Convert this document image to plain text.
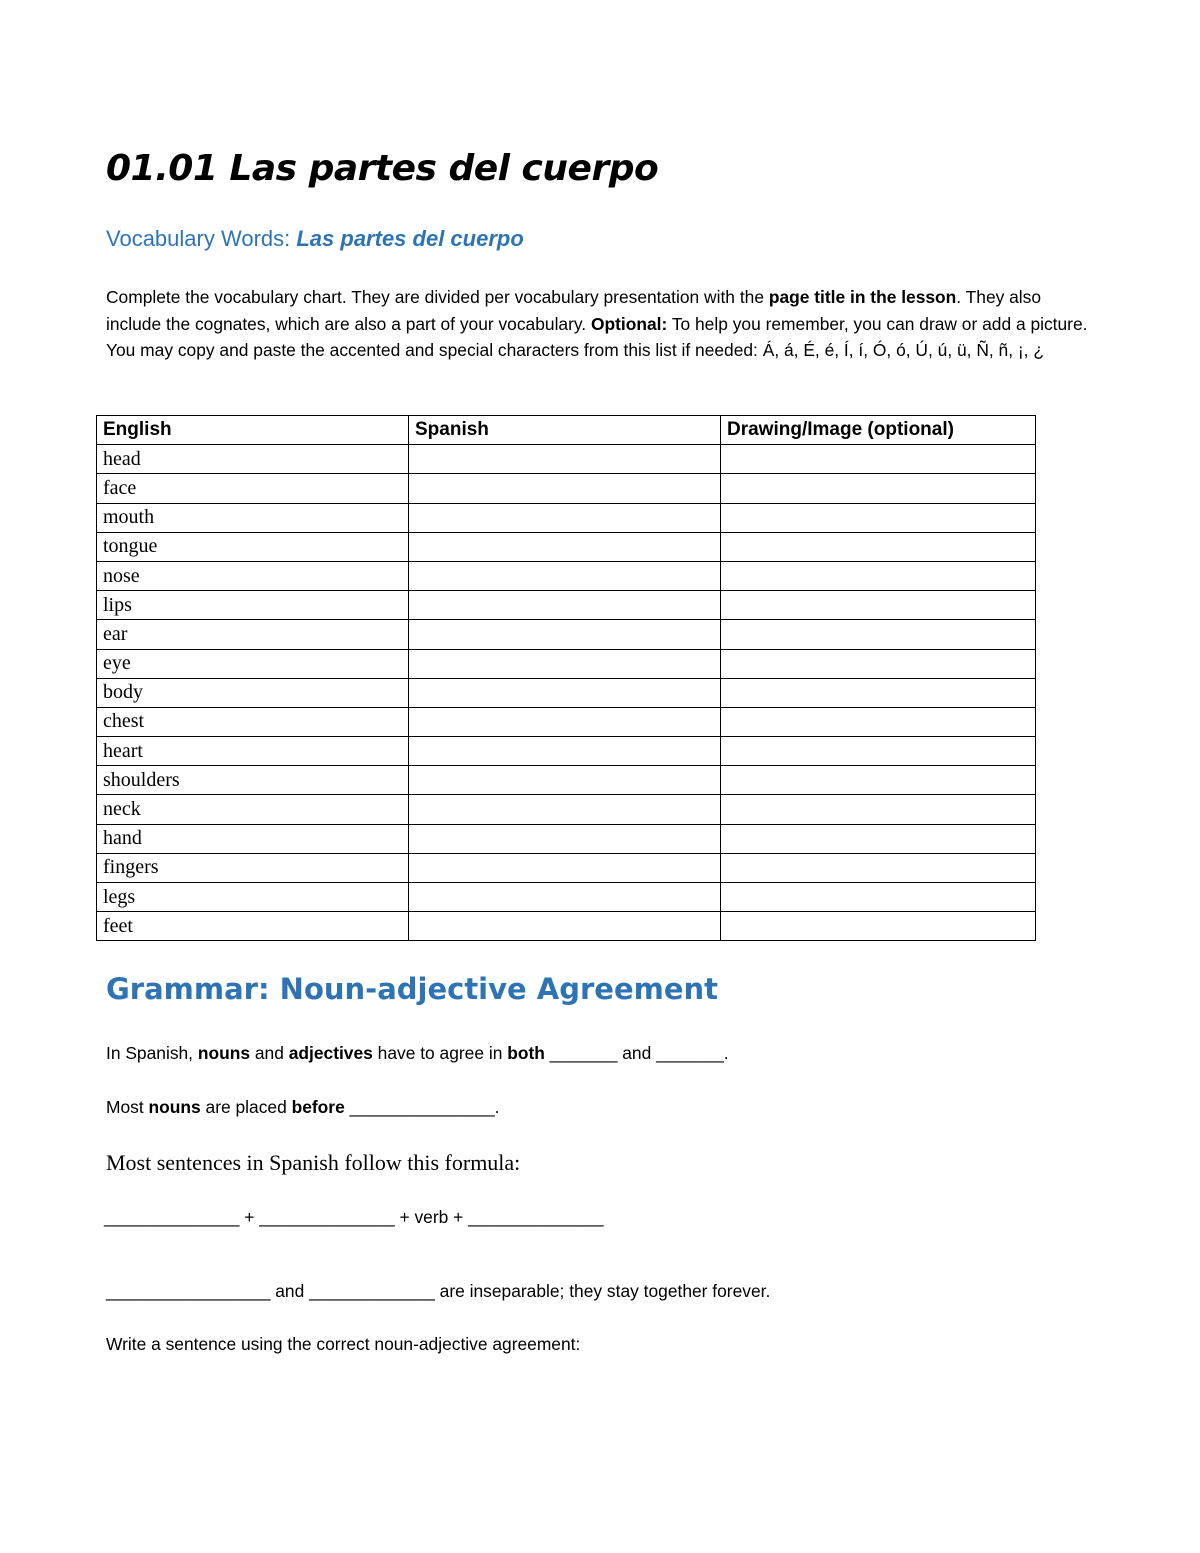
01.01 Las partes del cuerpo
Vocabulary Words: Las partes del cuerpo

Complete the vocabulary chart. They are divided per vocabulary presentation with the page title in the lesson. They also include the cognates, which are also a part of your vocabulary. Optional: To help you remember, you can draw or add a picture. You may copy and paste the accented and special characters from this list if needed: Á, á, É, é, Í, í, Ó, ó, Ú, ú, ü, Ñ, ñ, ¡, ¿

English	Spanish	Drawing/Image (optional)
head		
face		
mouth		
tongue		
nose		
lips		
ear		
eye		
body		
chest		
heart		
shoulders		
neck		
hand		
fingers		
legs		
feet		
Grammar: Noun-adjective Agreement

In Spanish, nouns and adjectives have to agree in both _______ and _______.

Most nouns are placed before _______________.

Most sentences in Spanish follow this formula:

______________ + ______________ + verb + ______________

_________________ and _____________ are inseparable; they stay together forever.

Write a sentence using the correct noun-adjective agreement:
